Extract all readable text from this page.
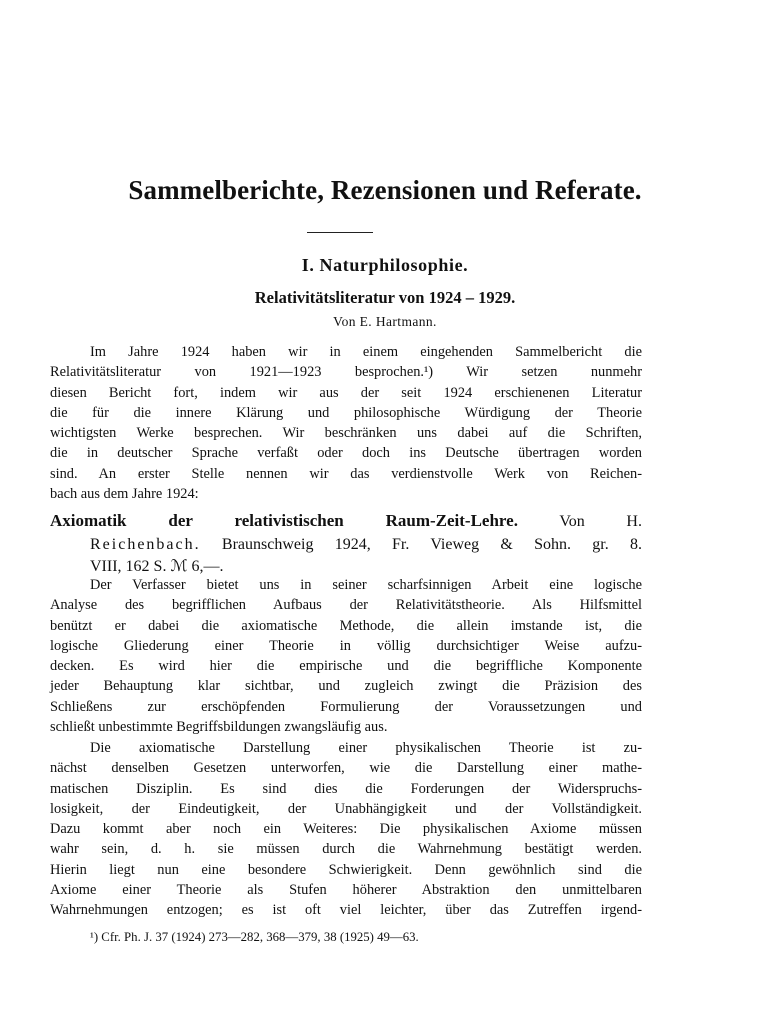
Sammelberichte, Rezensionen und Referate.
I. Naturphilosophie.
Relativitätsliteratur von 1924 – 1929.

Von E. Hartmann.

Im Jahre 1924 haben wir in einem eingehenden Sammelbericht die
Relativitätsliteratur von 1921—1923 besprochen.¹) Wir setzen nunmehr
diesen Bericht fort, indem wir aus der seit 1924 erschienenen Literatur
die für die innere Klärung und philosophische Würdigung der Theorie
wichtigsten Werke besprechen. Wir beschränken uns dabei auf die Schriften,
die in deutscher Sprache verfaßt oder doch ins Deutsche übertragen worden
sind. An erster Stelle nennen wir das verdienstvolle Werk von Reichen-
bach aus dem Jahre 1924:

Axiomatik der relativistischen Raum-Zeit-Lehre.	Von H.
Reichenbach. Braunschweig 1924, Fr. Vieweg & Sohn. gr. 8.
VIII, 162 S. ℳ 6,—.

Der Verfasser bietet uns in seiner scharfsinnigen Arbeit eine logische
Analyse des begrifflichen Aufbaus der Relativitätstheorie. Als Hilfsmittel
benützt er dabei die axiomatische Methode, die allein imstande ist, die
logische Gliederung einer Theorie in völlig durchsichtiger Weise aufzu-
decken. Es wird hier die empirische und die begriffliche Komponente
jeder Behauptung klar sichtbar, und zugleich zwingt die Präzision des
Schließens zur erschöpfenden Formulierung der Voraussetzungen und
schließt unbestimmte Begriffsbildungen zwangsläufig aus.

Die axiomatische Darstellung einer physikalischen Theorie ist zu-
nächst denselben Gesetzen unterworfen, wie die Darstellung einer mathe-
matischen Disziplin. Es sind dies die Forderungen der Widerspruchs-
losigkeit, der Eindeutigkeit, der Unabhängigkeit und der Vollständigkeit.
Dazu kommt aber noch ein Weiteres: Die physikalischen Axiome müssen
wahr sein, d. h. sie müssen durch die Wahrnehmung bestätigt werden.
Hierin liegt nun eine besondere Schwierigkeit. Denn gewöhnlich sind die
Axiome einer Theorie als Stufen höherer Abstraktion den unmittelbaren
Wahrnehmungen entzogen; es ist oft viel leichter, über das Zutreffen irgend-

¹) Cfr. Ph. J. 37 (1924) 273—282, 368—379, 38 (1925) 49—63.
